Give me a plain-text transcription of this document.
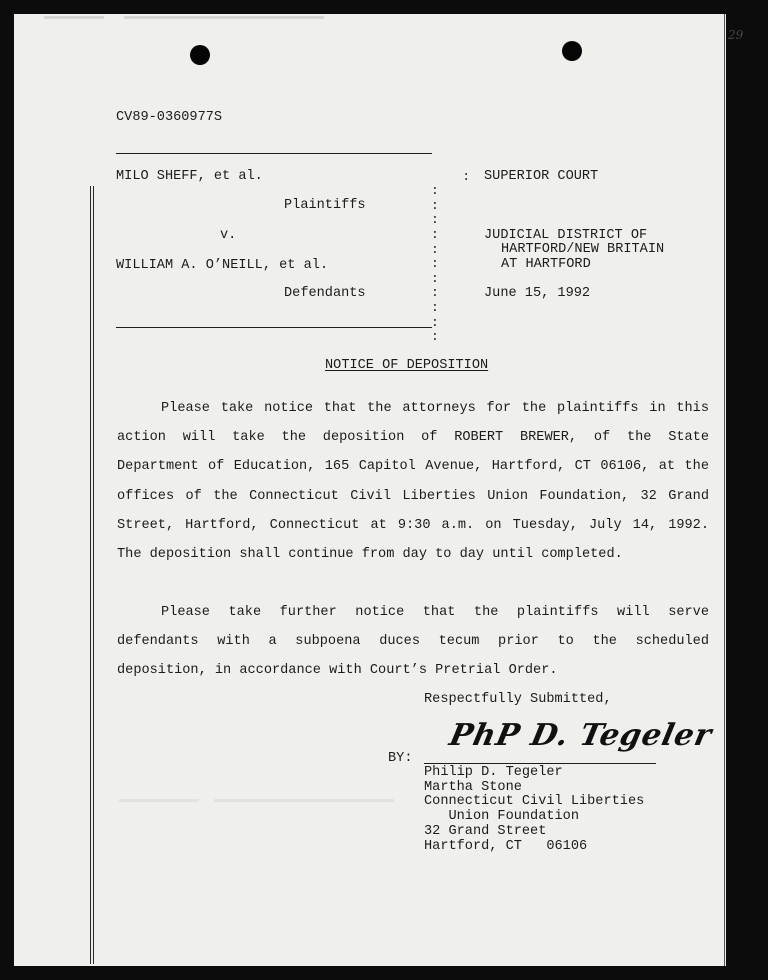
29
CV89-0360977S

:
:
:
:
:
:
:
:
:
:
:
:

MILO SHEFF, et al.
Plaintiffs
v.
WILLIAM A. O’NEILL, et al.
Defendants
SUPERIOR COURT
JUDICIAL DISTRICT OF
HARTFORD/NEW BRITAIN
AT HARTFORD
June 15, 1992
NOTICE OF DEPOSITION
Please take notice that the attorneys for the plaintiffs in this action will take the deposition of ROBERT BREWER, of the State Department of Education, 165 Capitol Avenue, Hartford, CT 06106, at the offices of the Connecticut Civil Liberties Union Foundation, 32 Grand Street, Hartford, Connecticut at 9:30 a.m. on Tuesday, July 14, 1992. The deposition shall continue from day to day until completed.
Please take further notice that the plaintiffs will serve defendants with a subpoena duces tecum prior to the scheduled deposition, in accordance with Court’s Pretrial Order.
Respectfully Submitted,
BY:
PhP D. Tegeler
Philip D. Tegeler
Martha Stone
Connecticut Civil Liberties
Union Foundation
32 Grand Street
Hartford, CT   06106
